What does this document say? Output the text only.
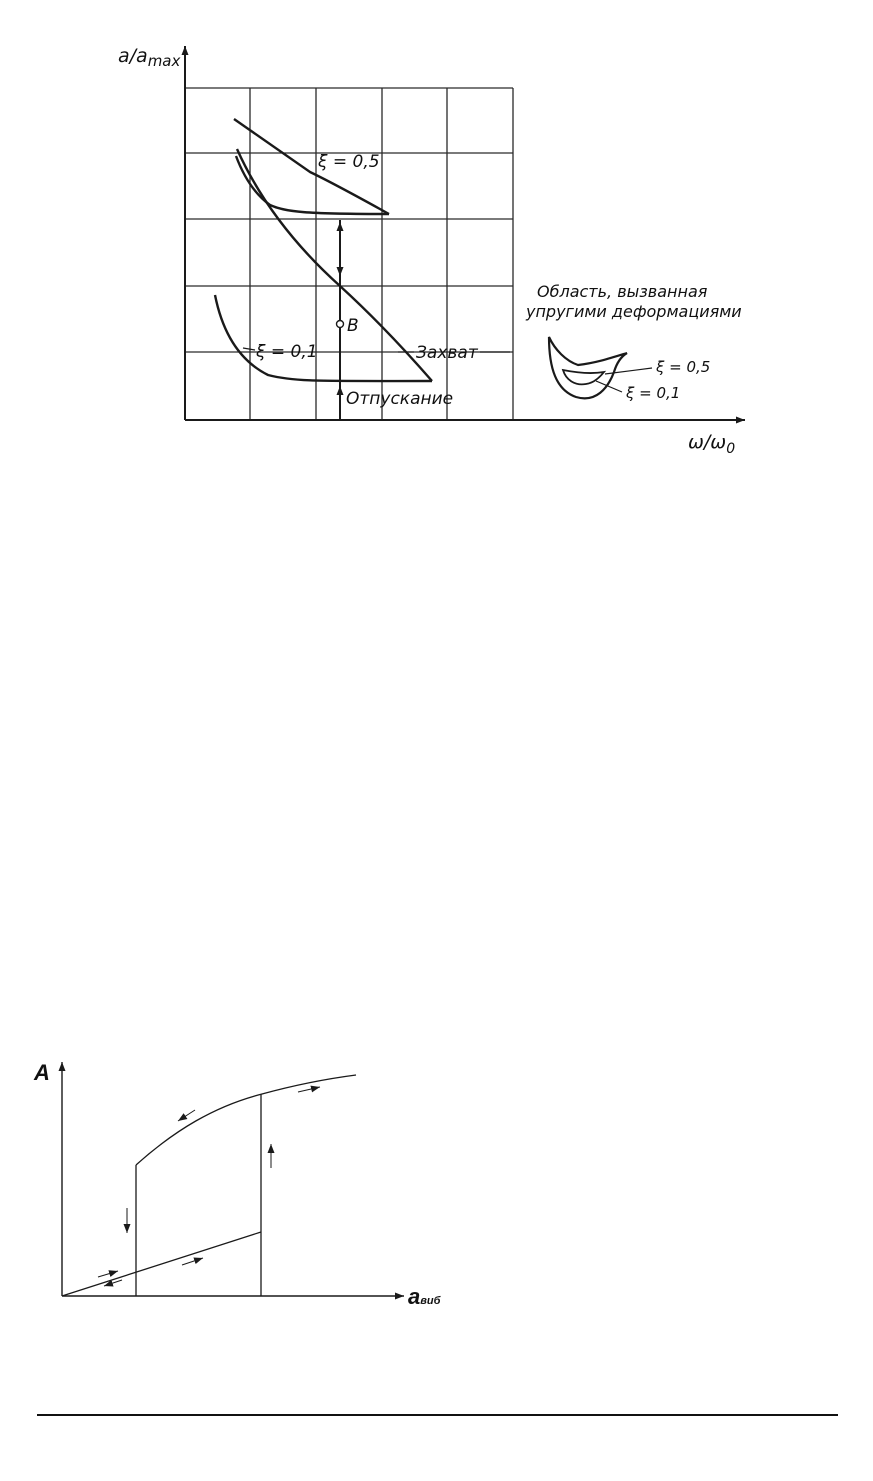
$a/a_{max}$
$\omega/\omega_0$
B
ξ = 0,5
ξ = 0,1	Захват
Отпускание
Область, вызванная
упругими деформациями
ξ = 0,5
ξ = 0,1
A
aвиб
